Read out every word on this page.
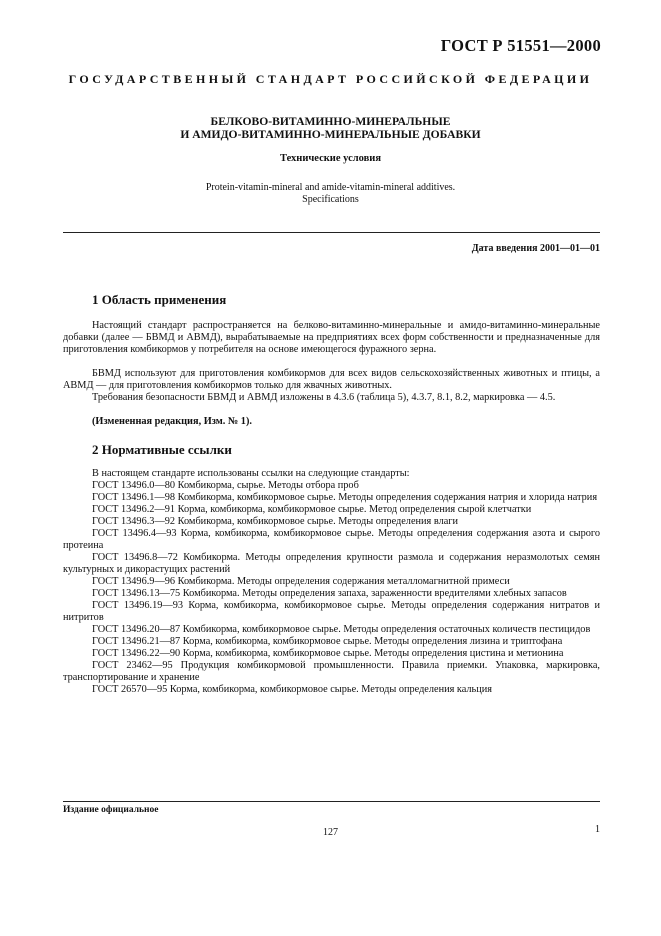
ГОСТ Р 51551—2000
ГОСУДАРСТВЕННЫЙ СТАНДАРТ РОССИЙСКОЙ ФЕДЕРАЦИИ
БЕЛКОВО-ВИТАМИННО-МИНЕРАЛЬНЫЕ
И АМИДО-ВИТАМИННО-МИНЕРАЛЬНЫЕ ДОБАВКИ
Технические условия
Protein-vitamin-mineral and amide-vitamin-mineral additives.
Specifications
Дата введения 2001—01—01
1 Область применения

Настоящий стандарт распространяется на белково-витаминно-минеральные и амидо-витаминно-минеральные добавки (далее — БВМД и АВМД), вырабатываемые на предприятиях всех форм собственности и предназначенные для приготовления комбикормов у потребителя на основе имеющегося фуражного зерна.

БВМД используют для приготовления комбикормов для всех видов сельскохозяйственных животных и птицы, а АВМД — для приготовления комбикормов только для жвачных животных.

Требования безопасности БВМД и АВМД изложены в 4.3.6 (таблица 5), 4.3.7, 8.1, 8.2, маркировка — 4.5.

(Измененная редакция, Изм. № 1).

2 Нормативные ссылки

В настоящем стандарте использованы ссылки на следующие стандарты:

ГОСТ 13496.0—80 Комбикорма, сырье. Методы отбора проб
ГОСТ 13496.1—98 Комбикорма, комбикормовое сырье. Методы определения содержания натрия и хлорида натрия
ГОСТ 13496.2—91 Корма, комбикорма, комбикормовое сырье. Метод определения сырой клетчатки
ГОСТ 13496.3—92 Комбикорма, комбикормовое сырье. Методы определения влаги
ГОСТ 13496.4—93 Корма, комбикорма, комбикормовое сырье. Методы определения содержания азота и сырого протеина
ГОСТ 13496.8—72 Комбикорма. Методы определения крупности размола и содержания неразмолотых семян культурных и дикорастущих растений
ГОСТ 13496.9—96 Комбикорма. Методы определения содержания металломагнитной примеси
ГОСТ 13496.13—75 Комбикорма. Методы определения запаха, зараженности вредителями хлебных запасов
ГОСТ 13496.19—93 Корма, комбикорма, комбикормовое сырье. Методы определения содержания нитратов и нитритов
ГОСТ 13496.20—87 Комбикорма, комбикормовое сырье. Методы определения остаточных количеств пестицидов
ГОСТ 13496.21—87 Корма, комбикорма, комбикормовое сырье. Методы определения лизина и триптофана
ГОСТ 13496.22—90 Корма, комбикорма, комбикормовое сырье. Методы определения цистина и метионина
ГОСТ 23462—95 Продукция комбикормовой промышленности. Правила приемки. Упаковка, маркировка, транспортирование и хранение
ГОСТ 26570—95 Корма, комбикорма, комбикормовое сырье. Методы определения кальция
Издание официальное
127	1
